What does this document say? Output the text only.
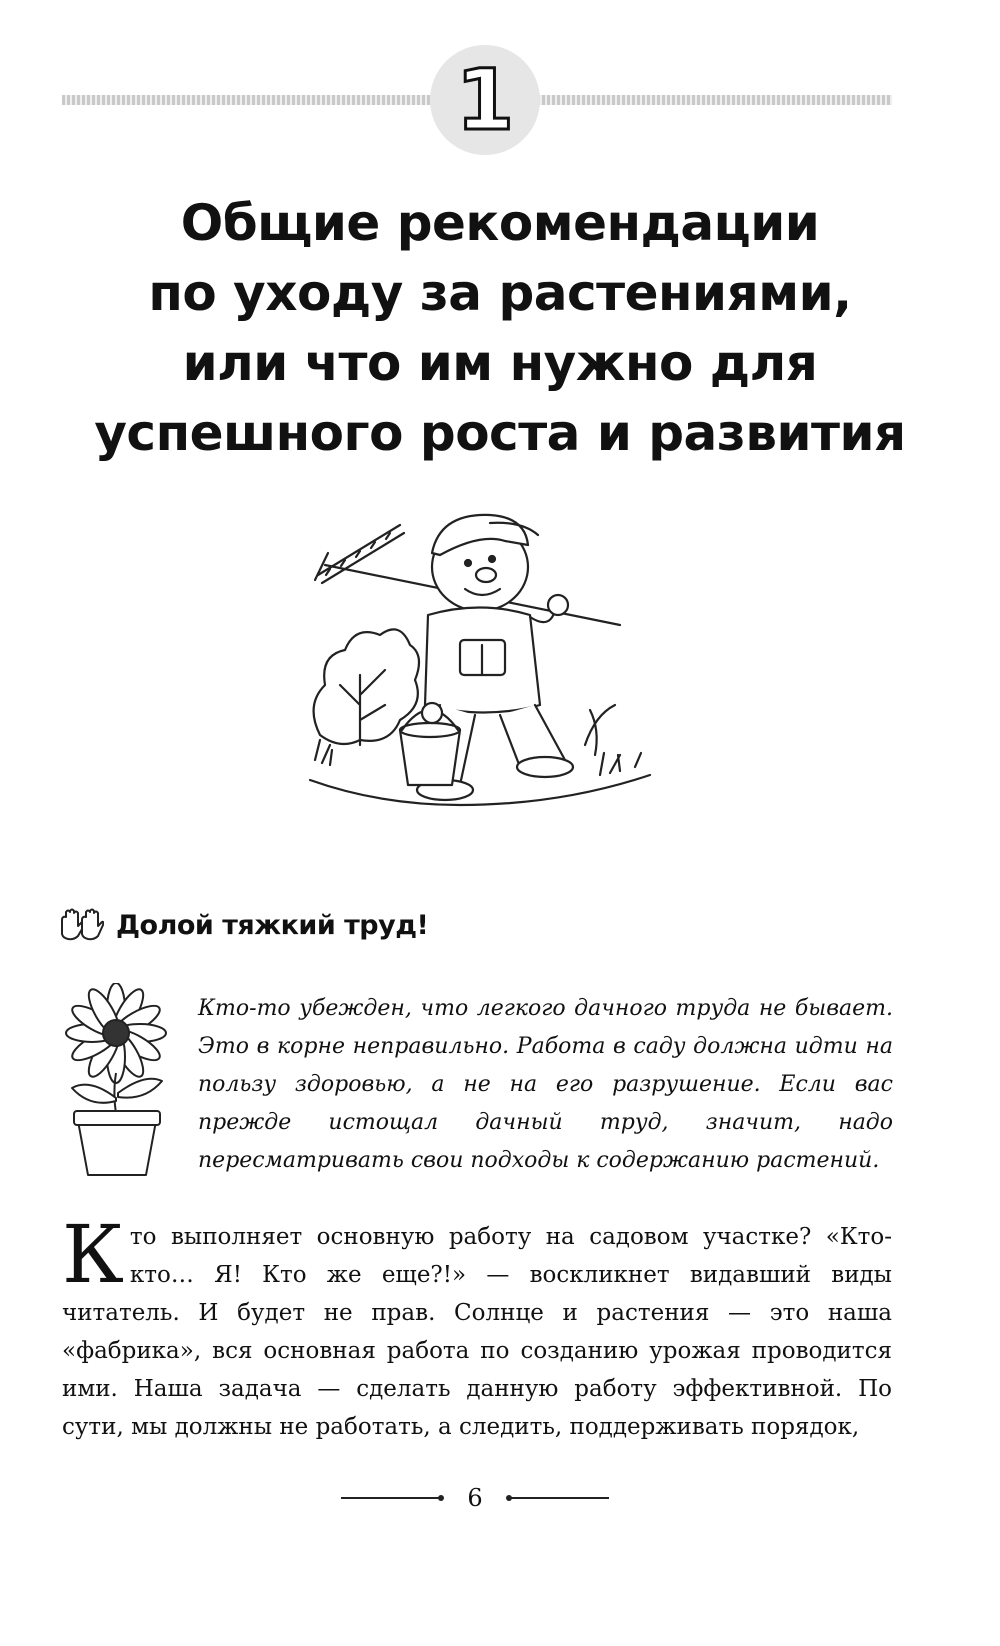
1
Общие рекомендации
по уходу за растениями,
или что им нужно для
успешного роста и развития
Долой тяжкий труд!

Кто-то убежден, что легкого дачного труда не бывает. Это в корне неправильно. Работа в саду должна идти на пользу здоровью, а не на его разрушение. Если вас прежде истощал дачный труд, значит, надо пересматривать свои подходы к содержанию растений.

Кто выполняет основную работу на садовом участке? «Кто-кто… Я! Кто же еще?!» — воскликнет видавший виды читатель. И будет не прав. Солнце и растения — это наша «фабрика», вся основная работа по созданию урожая проводится ими. Наша задача — сделать данную работу эффективной. По сути, мы должны не работать, а следить, поддерживать порядок,

6
